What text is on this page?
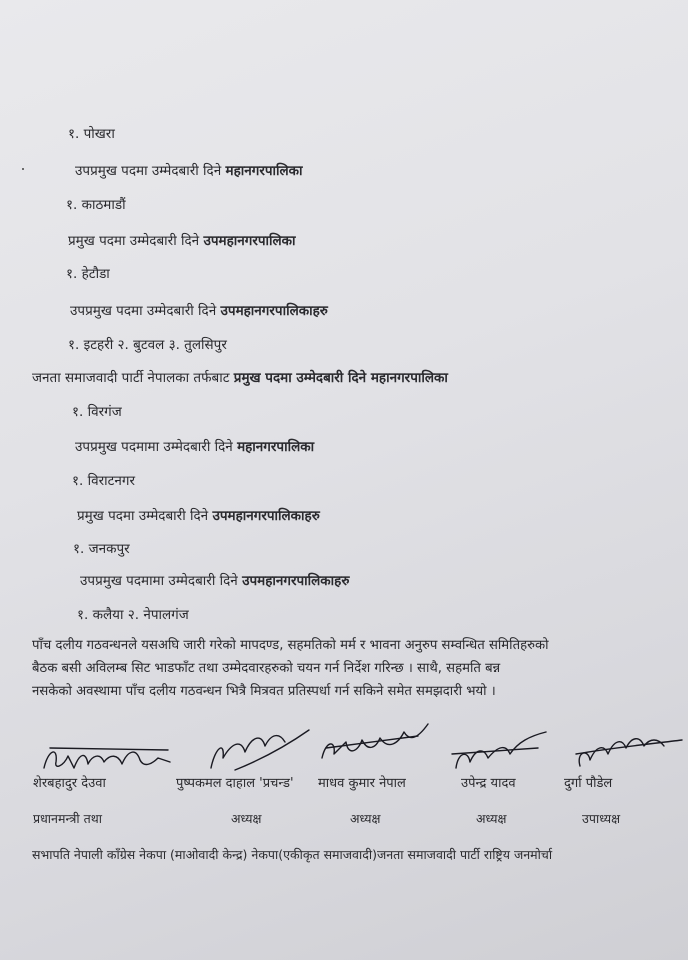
१. पोखरा
उपप्रमुख पदमा उम्मेदबारी दिने महानगरपालिका
१. काठमाडौं
प्रमुख पदमा उम्मेदबारी दिने उपमहानगरपालिका
१. हेटौडा
उपप्रमुख पदमा उम्मेदबारी दिने उपमहानगरपालिकाहरु
१. इटहरी २. बुटवल ३. तुलसिपुर
जनता समाजवादी पार्टी नेपालका तर्फबाट प्रमुख पदमा उम्मेदबारी दिने महानगरपालिका
१. विरगंज
उपप्रमुख पदमामा उम्मेदबारी दिने महानगरपालिका
१. विराटनगर
प्रमुख पदमा उम्मेदबारी दिने उपमहानगरपालिकाहरु
१. जनकपुर
उपप्रमुख पदमामा उम्मेदबारी दिने उपमहानगरपालिकाहरु
१. कलैया २. नेपालगंज
पाँच दलीय गठवन्धनले यसअघि जारी गरेको मापदण्ड, सहमतिको मर्म र भावना अनुरुप सम्वन्धित समितिहरुको
बैठक बसी अविलम्ब सिट भाडफाँट तथा उम्मेदवारहरुको चयन गर्न निर्देश गरिन्छ । साथै, सहमति बन्न
नसकेको अवस्थामा पाँच दलीय गठवन्धन भित्रै मित्रवत प्रतिस्पर्धा गर्न सकिने समेत समझदारी भयो ।
शेरबहादुर देउवा	पुष्पकमल दाहाल 'प्रचन्ड' माधव कुमार नेपाल	उपेन्द्र यादव	दुर्गा पौडेल
प्रधानमन्त्री तथा	अध्यक्ष	अध्यक्ष	अध्यक्ष	उपाध्यक्ष
सभापति नेपाली काँग्रेस नेकपा (माओवादी केन्द्र) नेकपा(एकीकृत समाजवादी)जनता समाजवादी पार्टी राष्ट्रिय जनमोर्चा
